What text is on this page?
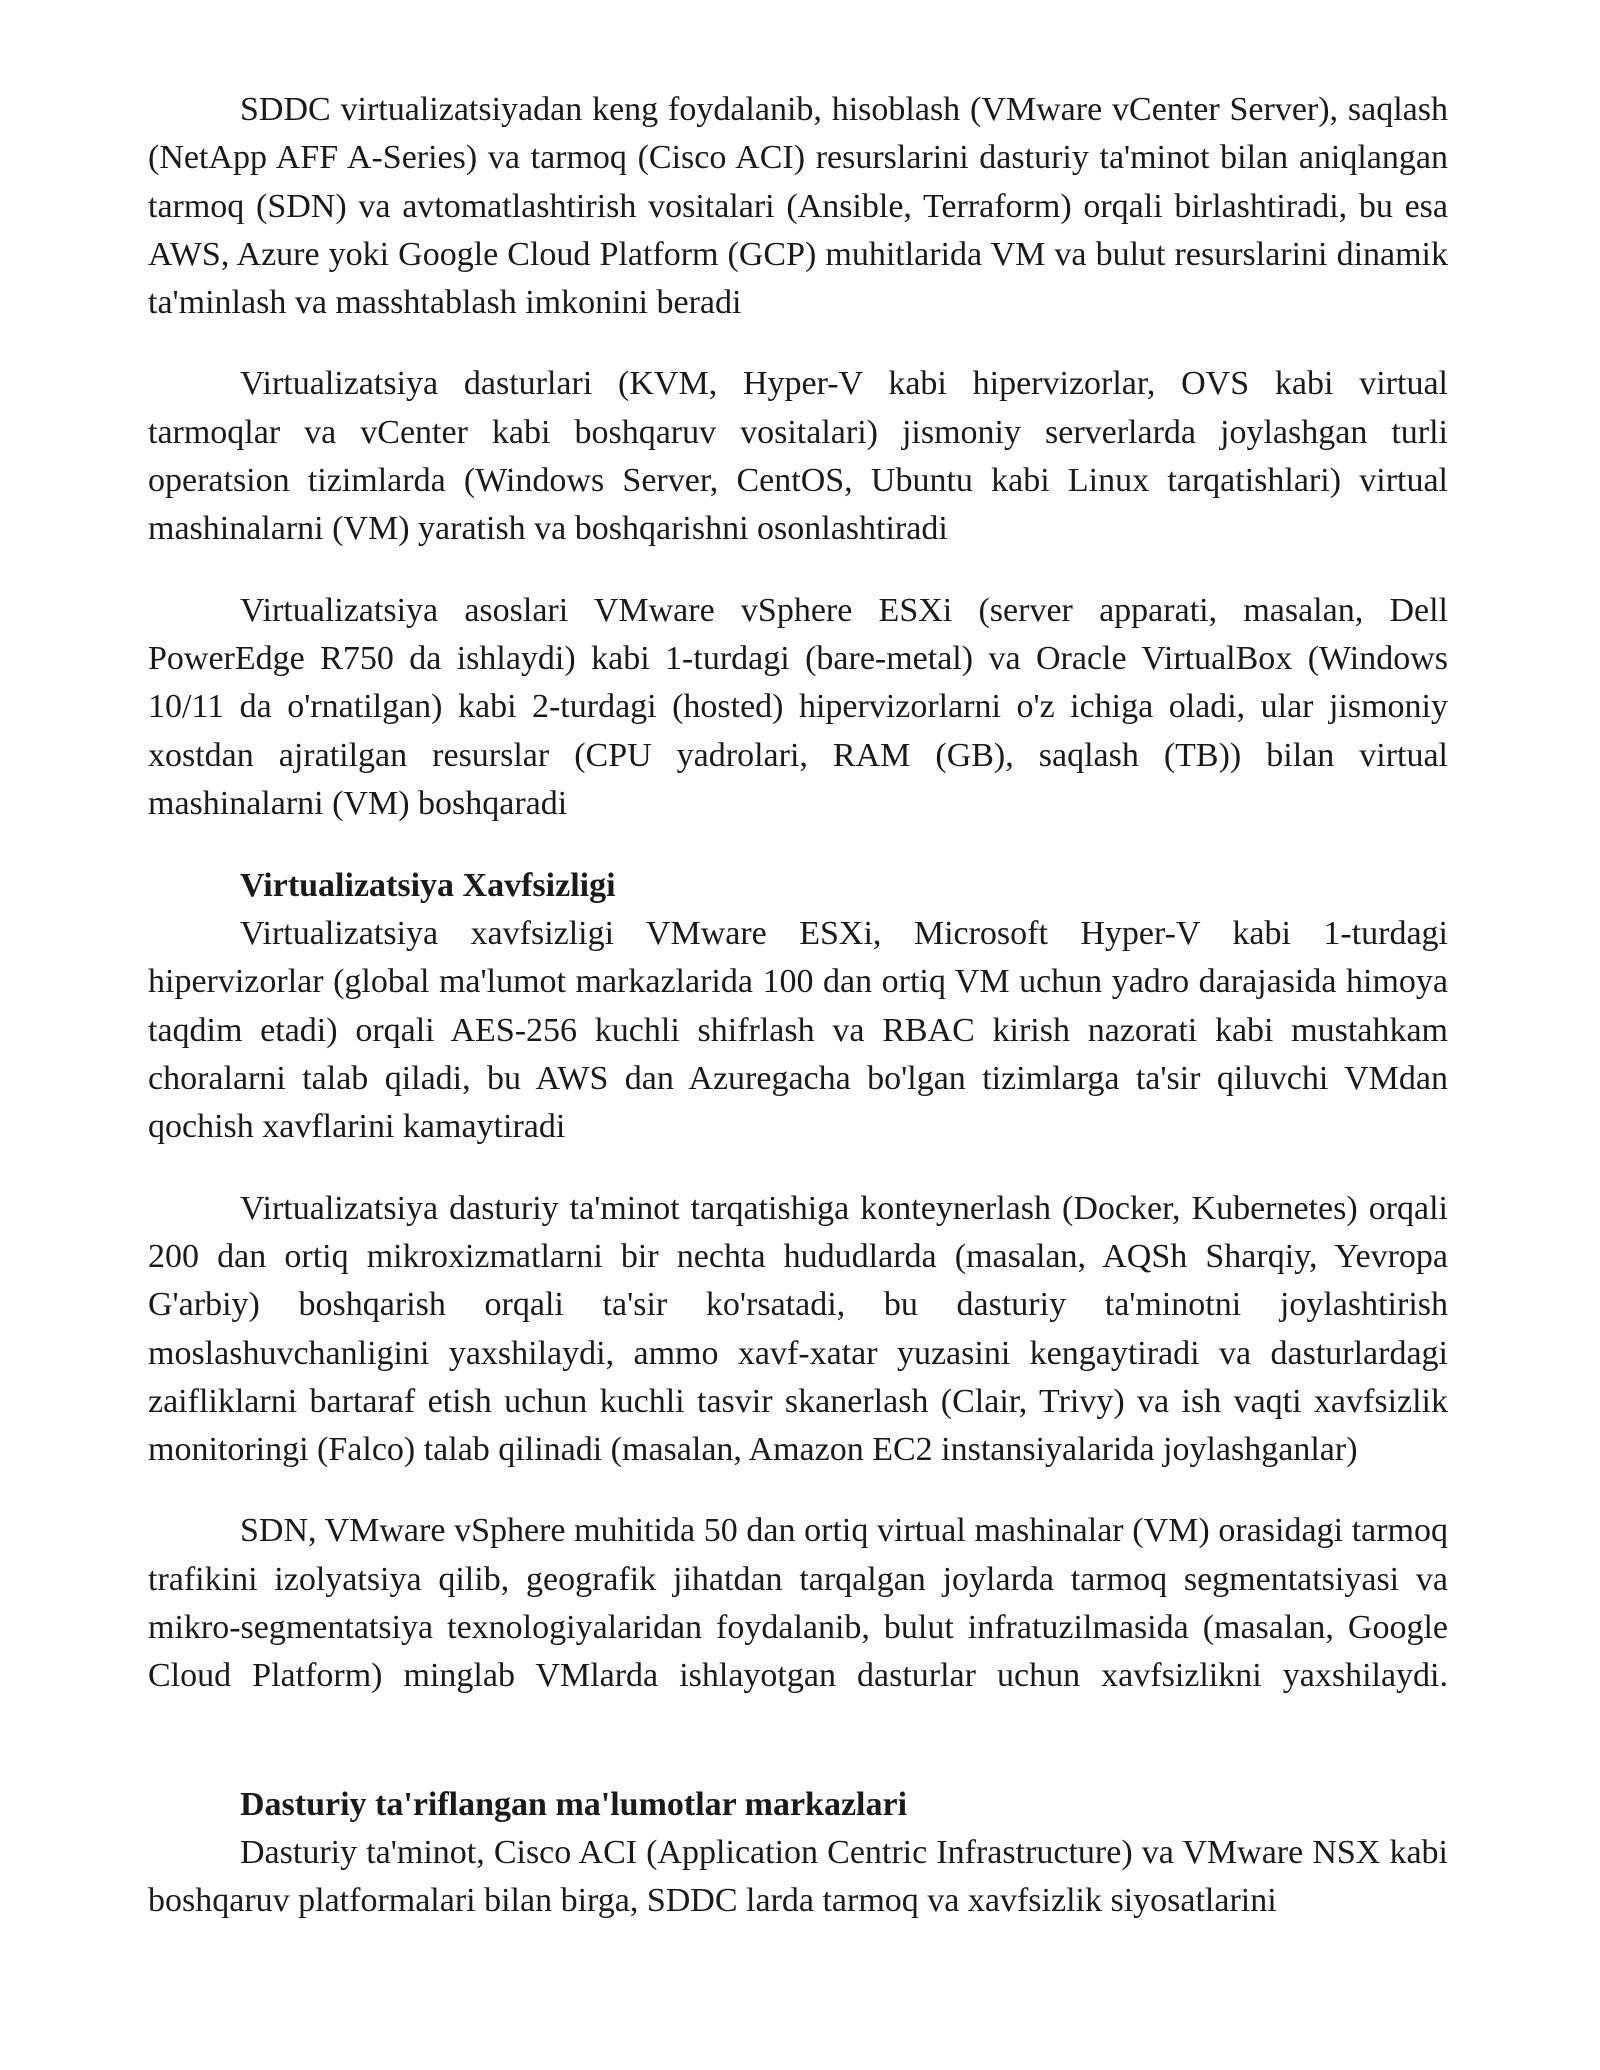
SDDC virtualizatsiyadan keng foydalanib, hisoblash (VMware vCenter Server), saqlash (NetApp AFF A-Series) va tarmoq (Cisco ACI) resurslarini dasturiy ta'minot bilan aniqlangan tarmoq (SDN) va avtomatlashtirish vositalari (Ansible, Terraform) orqali birlashtiradi, bu esa AWS, Azure yoki Google Cloud Platform (GCP) muhitlarida VM va bulut resurslarini dinamik ta'minlash va masshtablash imkonini beradi

Virtualizatsiya dasturlari (KVM, Hyper-V kabi hipervizorlar, OVS kabi virtual tarmoqlar va vCenter kabi boshqaruv vositalari) jismoniy serverlarda joylashgan turli operatsion tizimlarda (Windows Server, CentOS, Ubuntu kabi Linux tarqatishlari) virtual mashinalarni (VM) yaratish va boshqarishni osonlashtiradi

Virtualizatsiya asoslari VMware vSphere ESXi (server apparati, masalan, Dell PowerEdge R750 da ishlaydi) kabi 1-turdagi (bare-metal) va Oracle VirtualBox (Windows 10/11 da o'rnatilgan) kabi 2-turdagi (hosted) hipervizorlarni o'z ichiga oladi, ular jismoniy xostdan ajratilgan resurslar (CPU yadrolari, RAM (GB), saqlash (TB)) bilan virtual mashinalarni (VM) boshqaradi

Virtualizatsiya Xavfsizligi

Virtualizatsiya xavfsizligi VMware ESXi, Microsoft Hyper-V kabi 1-turdagi hipervizorlar (global ma'lumot markazlarida 100 dan ortiq VM uchun yadro darajasida himoya taqdim etadi) orqali AES-256 kuchli shifrlash va RBAC kirish nazorati kabi mustahkam choralarni talab qiladi, bu AWS dan Azuregacha bo'lgan tizimlarga ta'sir qiluvchi VMdan qochish xavflarini kamaytiradi

Virtualizatsiya dasturiy ta'minot tarqatishiga konteynerlash (Docker, Kubernetes) orqali 200 dan ortiq mikroxizmatlarni bir nechta hududlarda (masalan, AQSh Sharqiy, Yevropa G'arbiy) boshqarish orqali ta'sir ko'rsatadi, bu dasturiy ta'minotni joylashtirish moslashuvchanligini yaxshilaydi, ammo xavf-xatar yuzasini kengaytiradi va dasturlardagi zaifliklarni bartaraf etish uchun kuchli tasvir skanerlash (Clair, Trivy) va ish vaqti xavfsizlik monitoringi (Falco) talab qilinadi (masalan, Amazon EC2 instansiyalarida joylashganlar)

SDN, VMware vSphere muhitida 50 dan ortiq virtual mashinalar (VM) orasidagi tarmoq trafikini izolyatsiya qilib, geografik jihatdan tarqalgan joylarda tarmoq segmentatsiyasi va mikro-segmentatsiya texnologiyalaridan foydalanib, bulut infratuzilmasida (masalan, Google Cloud Platform) minglab VMlarda ishlayotgan dasturlar uchun xavfsizlikni yaxshilaydi.

Dasturiy ta'riflangan ma'lumotlar markazlari

Dasturiy ta'minot, Cisco ACI (Application Centric Infrastructure) va VMware NSX kabi boshqaruv platformalari bilan birga, SDDC larda tarmoq va xavfsizlik siyosatlarini
